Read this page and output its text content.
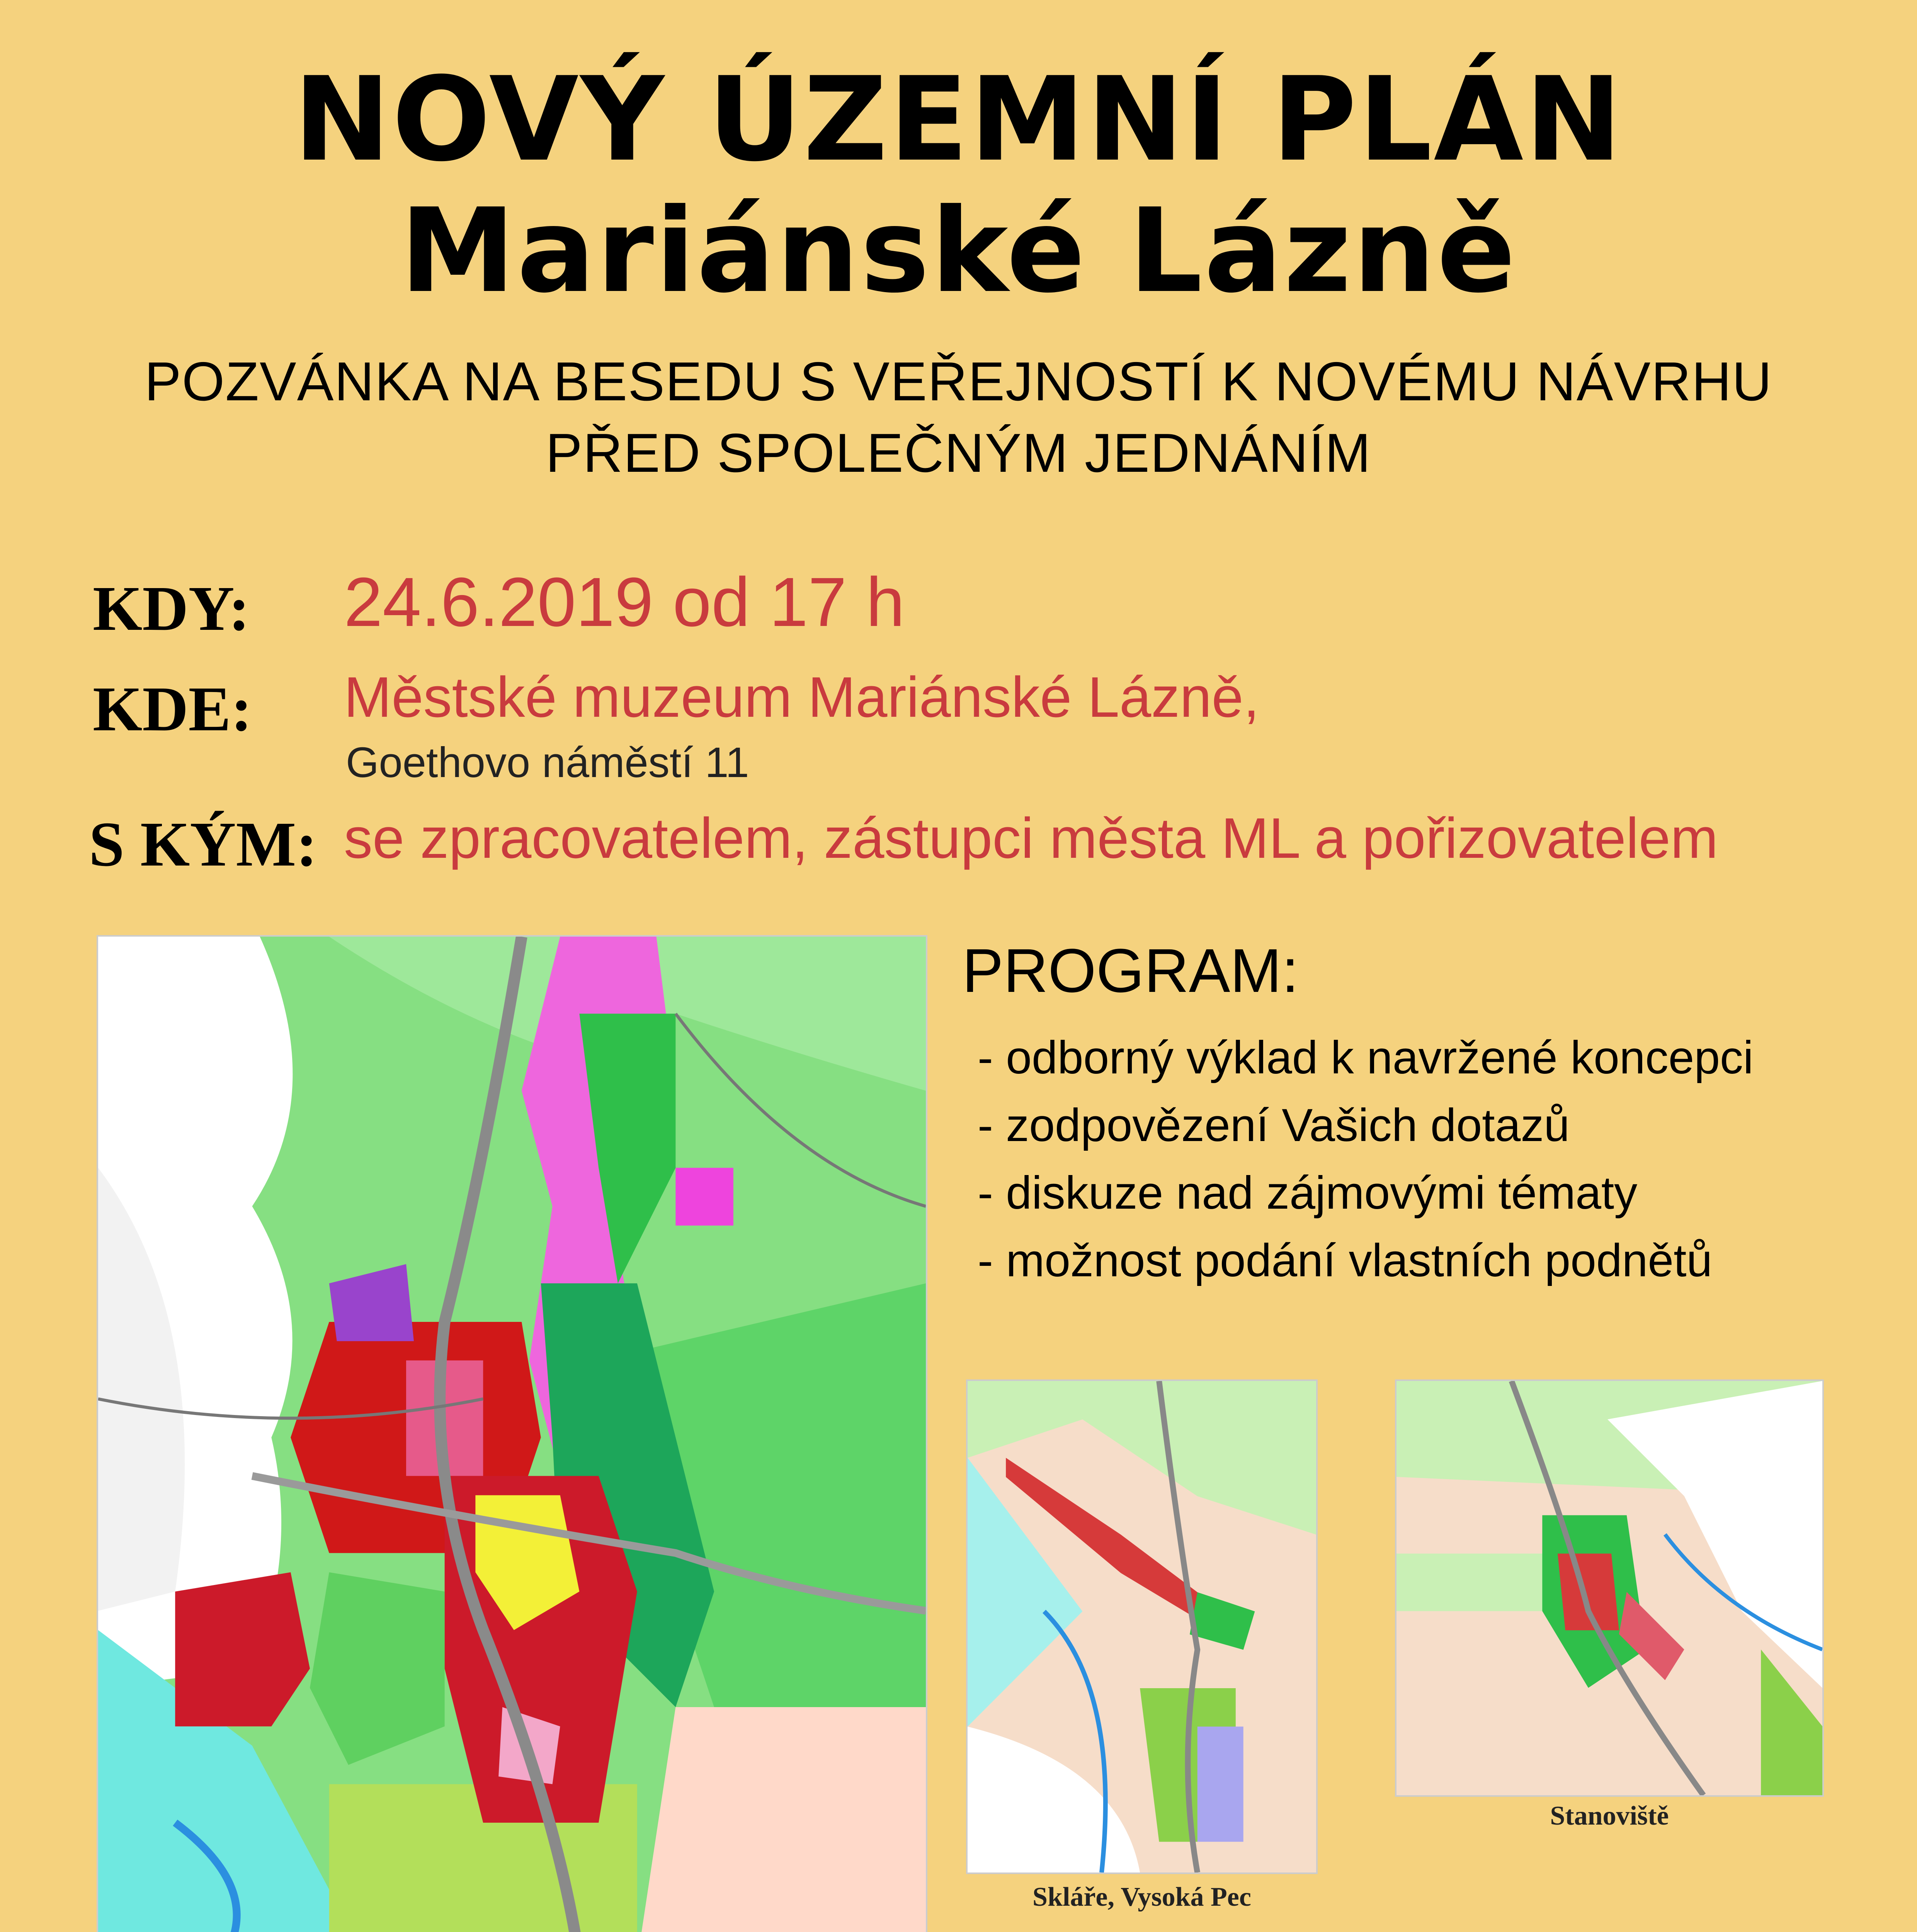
NOVÝ ÚZEMNÍ PLÁN
Mariánské Lázně
POZVÁNKA NA BESEDU S VEŘEJNOSTÍ K NOVÉMU NÁVRHU
PŘED SPOLEČNÝM JEDNÁNÍM
KDY: 24.6.2019 od 17 h
KDE: Městské muzeum Mariánské Lázně,
Goethovo náměstí 11
S KÝM: se zpracovatelem, zástupci města ML a pořizovatelem
PROGRAM:
- odborný výklad k navržené koncepci
- zodpovězení Vašich dotazů
- diskuze nad zájmovými tématy
- možnost podání vlastních podnětů
Skláře, Vysoká Pec
Stanoviště
